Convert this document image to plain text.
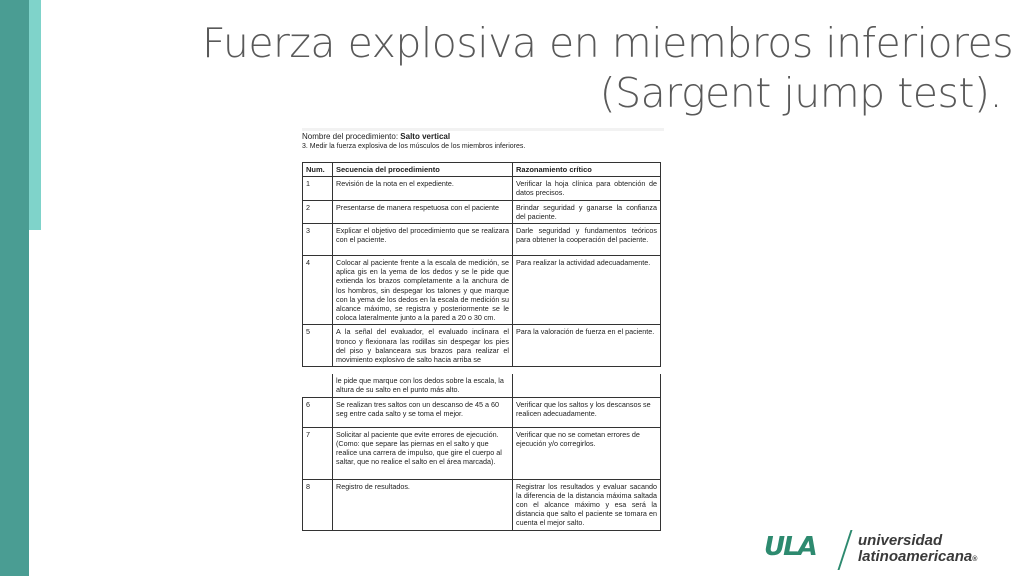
Fuerza explosiva en miembros inferiores
(Sargent jump test).
Nombre del procedimiento: Salto vertical
3. Medir la fuerza explosiva de los músculos de los miembros inferiores.
Num.	Secuencia del procedimiento	Razonamiento crítico
1	Revisión de la nota en el expediente.	Verificar la hoja clínica para obtención de datos precisos.
2	Presentarse de manera respetuosa con el paciente	Brindar seguridad y ganarse la confianza del paciente.
3	Explicar el objetivo del procedimiento que se realizara con el paciente.	Darle seguridad y fundamentos teóricos para obtener la cooperación del paciente.
4	Colocar al paciente frente a la escala de medición, se aplica gis en la yema de los dedos y se le pide que extienda los brazos completamente a la anchura de los hombros, sin despegar los talones y que marque con la yema de los dedos en la escala de medición su alcance máximo, se registra y posteriormente se le coloca lateralmente junto a la pared a 20 o 30 cm.	Para realizar la actividad adecuadamente.
5	A la señal del evaluador, el evaluado inclinara el tronco y flexionara las rodillas sin despegar los pies del piso y balanceara sus brazos para realizar el movimiento explosivo de salto hacia arriba se	Para la valoración de fuerza en el paciente.
	le pide que marque con los dedos sobre la escala, la altura de su salto en el punto más alto.	
6	Se realizan tres saltos con un descanso de 45 a 60 seg entre cada salto y se toma el mejor.	Verificar que los saltos y los descansos se realicen adecuadamente.
7	Solicitar al paciente que evite errores de ejecución. (Como: que separe las piernas en el salto y que realice una carrera de impulso, que gire el cuerpo al saltar, que no realice el salto en el área marcada).	Verificar que no se cometan errores de ejecución y/o corregirlos.
8	Registro de resultados.	Registrar los resultados y evaluar sacando la diferencia de la distancia máxima saltada con el alcance máximo y esa será la distancia que salto el paciente se tomara en cuenta el mejor salto.
ULA	universidad
latinoamericana®
